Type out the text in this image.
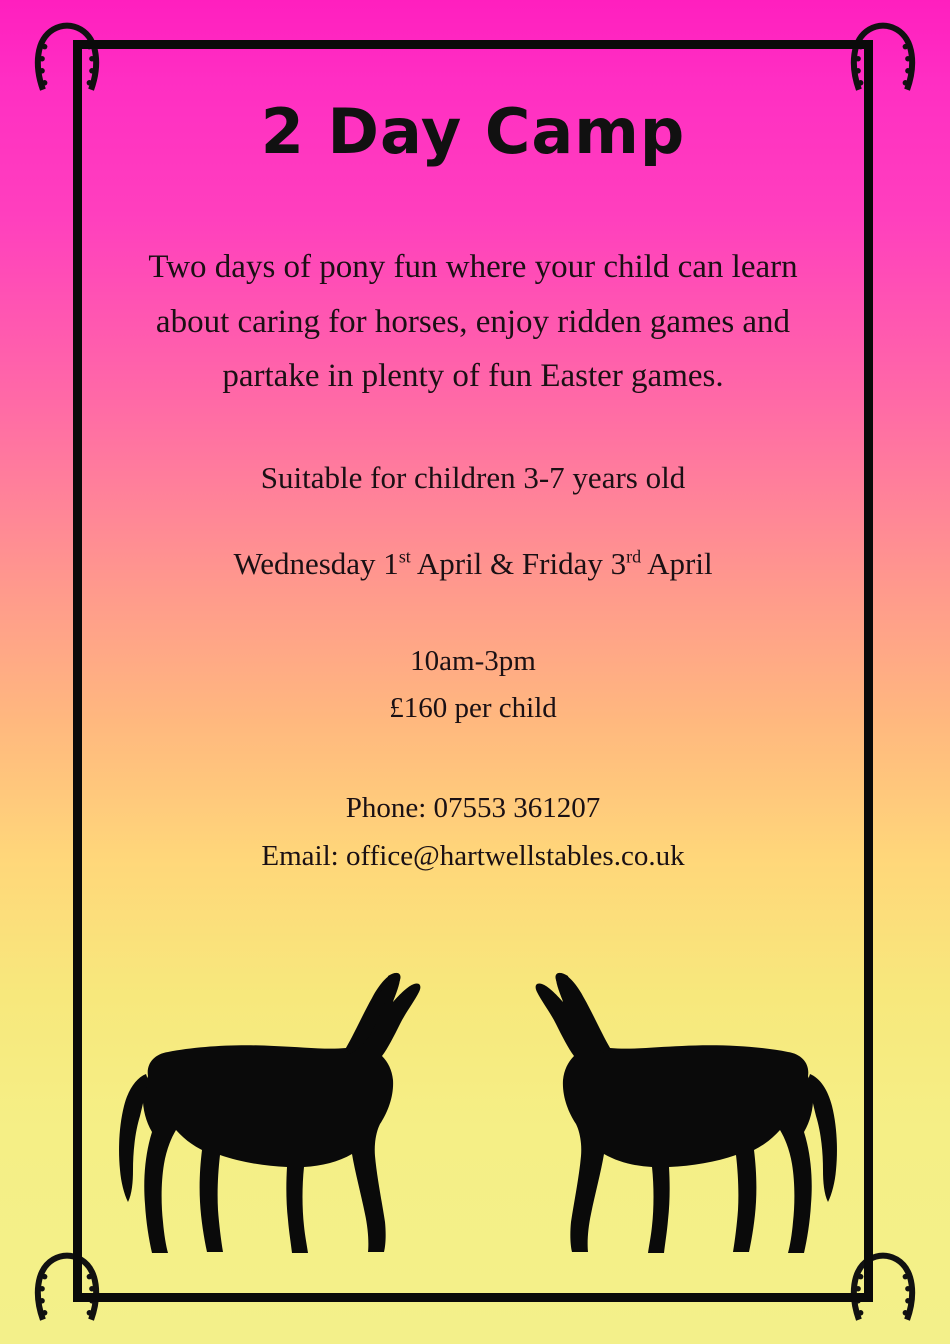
2 Day Camp

Two days of pony fun where your child can learn about caring for horses, enjoy ridden games and partake in plenty of fun Easter games.

Suitable for children 3-7 years old

Wednesday 1st April & Friday 3rd April

10am-3pm
£160 per child
Phone: 07553 361207
Email: office@hartwellstables.co.uk
